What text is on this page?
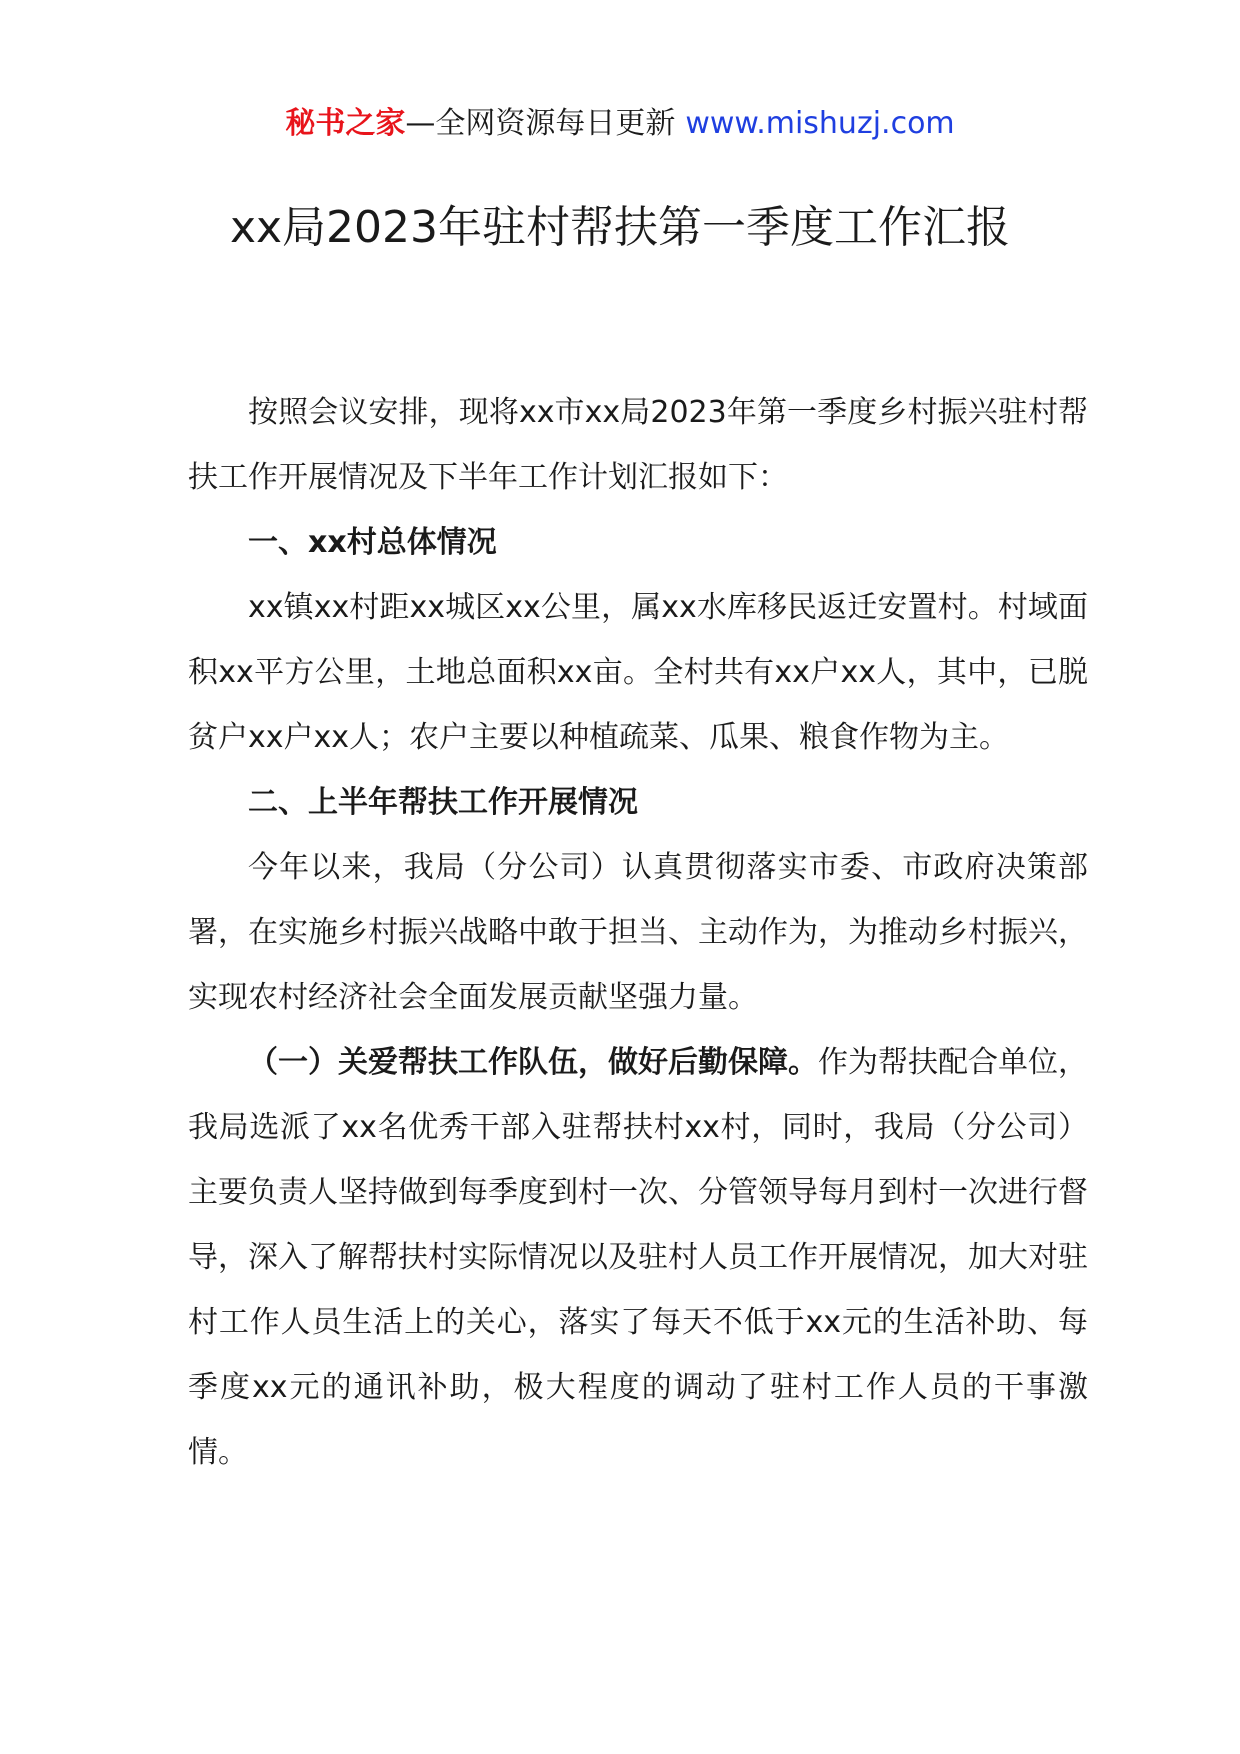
秘书之家—全网资源每日更新 www.mishuzj.com
xx局2023年驻村帮扶第一季度工作汇报

按照会议安排，现将xx市xx局2023年第一季度乡村振兴驻村帮扶工作开展情况及下半年工作计划汇报如下：

一、xx村总体情况

xx镇xx村距xx城区xx公里，属xx水库移民返迁安置村。村域面积xx平方公里，土地总面积xx亩。全村共有xx户xx人，其中，已脱贫户xx户xx人；农户主要以种植疏菜、瓜果、粮食作物为主。

二、上半年帮扶工作开展情况

今年以来，我局（分公司）认真贯彻落实市委、市政府决策部署，在实施乡村振兴战略中敢于担当、主动作为，为推动乡村振兴，实现农村经济社会全面发展贡献坚强力量。

（一）关爱帮扶工作队伍，做好后勤保障。作为帮扶配合单位，我局选派了xx名优秀干部入驻帮扶村xx村，同时，我局（分公司）主要负责人坚持做到每季度到村一次、分管领导每月到村一次进行督导，深入了解帮扶村实际情况以及驻村人员工作开展情况，加大对驻村工作人员生活上的关心，落实了每天不低于xx元的生活补助、每季度xx元的通讯补助，极大程度的调动了驻村工作人员的干事激情。
